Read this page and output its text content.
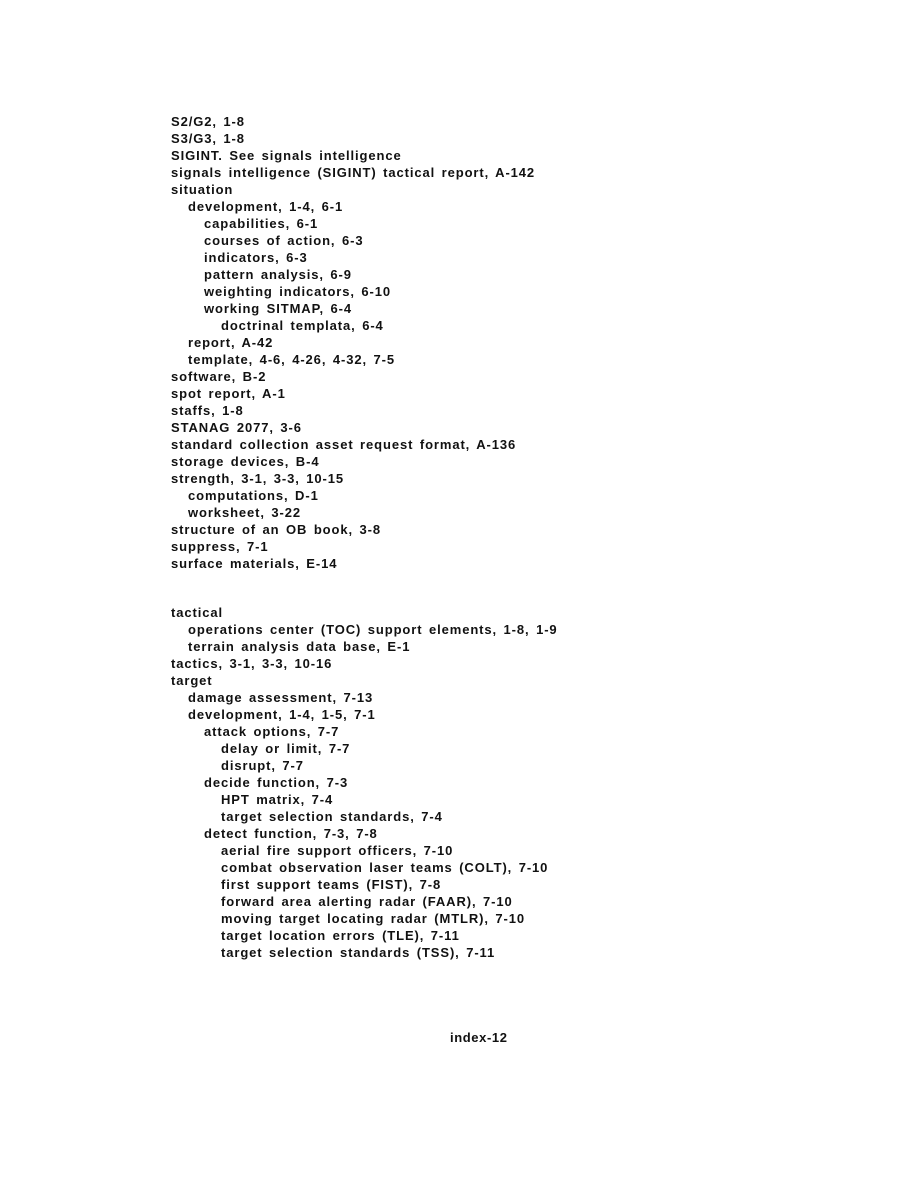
S2/G2, 1-8
S3/G3, 1-8
SIGINT. See signals intelligence
signals intelligence (SIGINT) tactical report, A-142
situation
development, 1-4, 6-1
capabilities, 6-1
courses of action, 6-3
indicators, 6-3
pattern analysis, 6-9
weighting indicators, 6-10
working SITMAP, 6-4
doctrinal templata, 6-4
report, A-42
template, 4-6, 4-26, 4-32, 7-5
software, B-2
spot report, A-1
staffs, 1-8
STANAG 2077, 3-6
standard collection asset request format, A-136
storage devices, B-4
strength, 3-1, 3-3, 10-15
computations, D-1
worksheet, 3-22
structure of an OB book, 3-8
suppress, 7-1
surface materials, E-14
tactical
operations center (TOC) support elements, 1-8, 1-9
terrain analysis data base, E-1
tactics, 3-1, 3-3, 10-16
target
damage assessment, 7-13
development, 1-4, 1-5, 7-1
attack options, 7-7
delay or limit, 7-7
disrupt, 7-7
decide function, 7-3
HPT matrix, 7-4
target selection standards, 7-4
detect function, 7-3, 7-8
aerial fire support officers, 7-10
combat observation laser teams (COLT), 7-10
first support teams (FIST), 7-8
forward area alerting radar (FAAR), 7-10
moving target locating radar (MTLR), 7-10
target location errors (TLE), 7-11
target selection standards (TSS), 7-11
index-12
